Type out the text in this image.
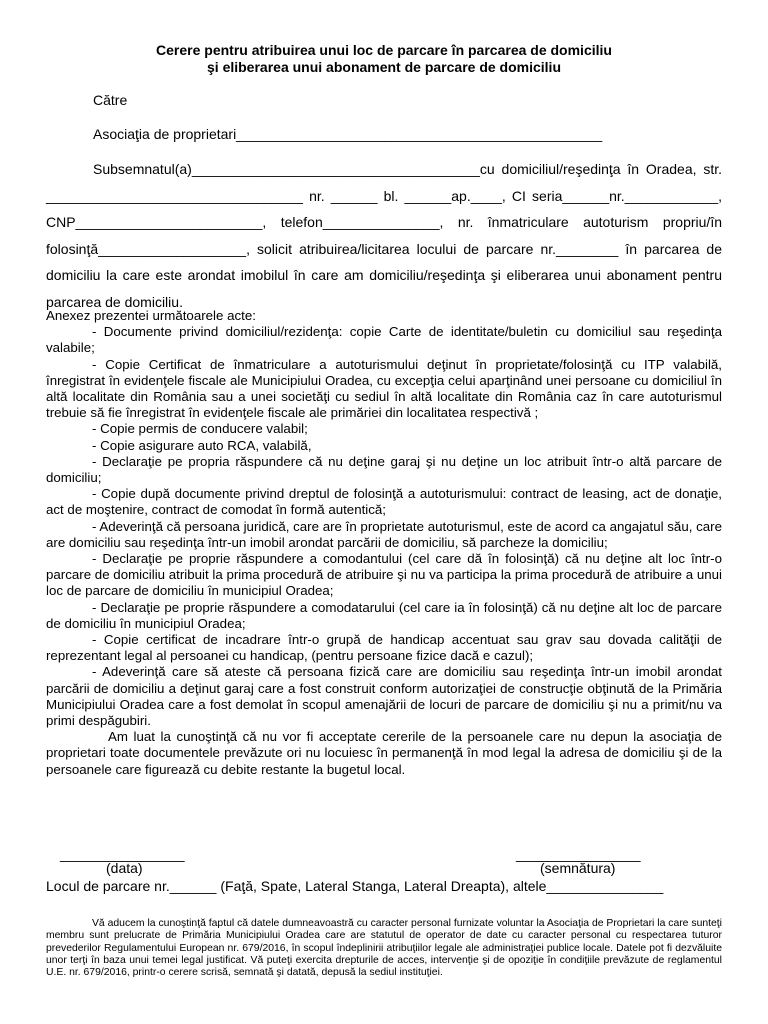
Cerere pentru atribuirea unui loc de parcare în parcarea de domiciliu
şi eliberarea unui abonament de parcare de domiciliu
Către
Asociaţia de proprietari_______________________________________________

Subsemnatul(a)_____________________________________cu domiciliul/reşedinţa în Oradea, str. _________________________________ nr. ______ bl. ______ap.____, CI seria______nr.____________, CNP________________________, telefon_______________, nr. înmatriculare autoturism propriu/în folosinţă___________________, solicit atribuirea/licitarea locului de parcare nr.________ în parcarea de domiciliu la care este arondat imobilul în care am domiciliu/reşedinţa şi eliberarea unui abonament pentru parcarea de domiciliu.

Anexez prezentei următoarele acte:

- Documente privind domiciliul/rezidenţa: copie Carte de identitate/buletin cu domiciliul sau reşedinţa valabile;

- Copie Certificat de înmatriculare a autoturismului deţinut în proprietate/folosinţă cu ITP valabilă, înregistrat în evidenţele fiscale ale Municipiului Oradea, cu excepţia celui aparţinând unei persoane cu domiciliul în altă localitate din România sau a unei societăţi cu sediul în altă localitate din România caz în care autoturismul trebuie să fie înregistrat în evidenţele fiscale ale primăriei din localitatea respectivă ;

- Copie permis de conducere valabil;

- Copie asigurare auto RCA, valabilă,

- Declaraţie pe propria răspundere că nu deţine garaj şi nu deţine un loc atribuit într-o altă parcare de domiciliu;

- Copie după documente privind dreptul de folosinţă a autoturismului: contract de leasing, act de donaţie, act de moştenire, contract de comodat în formă autentică;

- Adeverinţă că persoana juridică, care are în proprietate autoturismul, este de acord ca angajatul său, care are domiciliu sau reşedinţa într-un imobil arondat parcării de domiciliu, să parcheze la domiciliu;

- Declaraţie pe proprie răspundere a comodantului (cel care dă în folosinţă) că nu deţine alt loc într-o parcare de domiciliu atribuit la prima procedură de atribuire şi nu va participa la prima procedură de atribuire a unui loc de parcare de domiciliu în municipiul Oradea;

- Declaraţie pe proprie răspundere a comodatarului (cel care ia în folosinţă) că nu deţine alt loc de parcare de domiciliu în municipiul Oradea;

- Copie certificat de incadrare într-o grupă de handicap accentuat sau grav sau dovada calităţii de reprezentant legal al persoanei cu handicap, (pentru persoane fizice dacă e cazul);

- Adeverinţă care să ateste că persoana fizică care are domiciliu sau reşedinţa într-un imobil arondat parcării de domiciliu a deţinut garaj care a fost construit conform autorizaţiei de construcţie obţinută de la Primăria Municipiului Oradea care a fost demolat în scopul amenajării de locuri de parcare de domiciliu şi nu a primit/nu va primi despăgubiri.

Am luat la cunoştinţă că nu vor fi acceptate cererile de la persoanele care nu depun la asociaţia de proprietari toate documentele prevăzute ori nu locuiesc în permanenţă în mod legal la adresa de domiciliu şi de la persoanele care figurează cu debite restante la bugetul local.

________________	________________
(data)	(semnătura)
Locul de parcare nr.______ (Faţă, Spate, Lateral Stanga, Lateral Dreapta), altele_______________

Vă aducem la cunoştinţă faptul că datele dumneavoastră cu caracter personal furnizate voluntar la Asociaţia de Proprietari la care sunteţi membru sunt prelucrate de Primăria Municipiului Oradea care are statutul de operator de date cu caracter personal cu respectarea tuturor prevederilor Regulamentului European nr. 679/2016, în scopul îndeplinirii atribuţiilor legale ale administraţiei publice locale. Datele pot fi dezvăluite unor terţi în baza unui temei legal justificat. Vă puteţi exercita drepturile de acces, intervenţie şi de opoziţie în condiţiile prevăzute de reglamentul U.E. nr. 679/2016, printr-o cerere scrisă, semnată şi datată, depusă la sediul instituţiei.
